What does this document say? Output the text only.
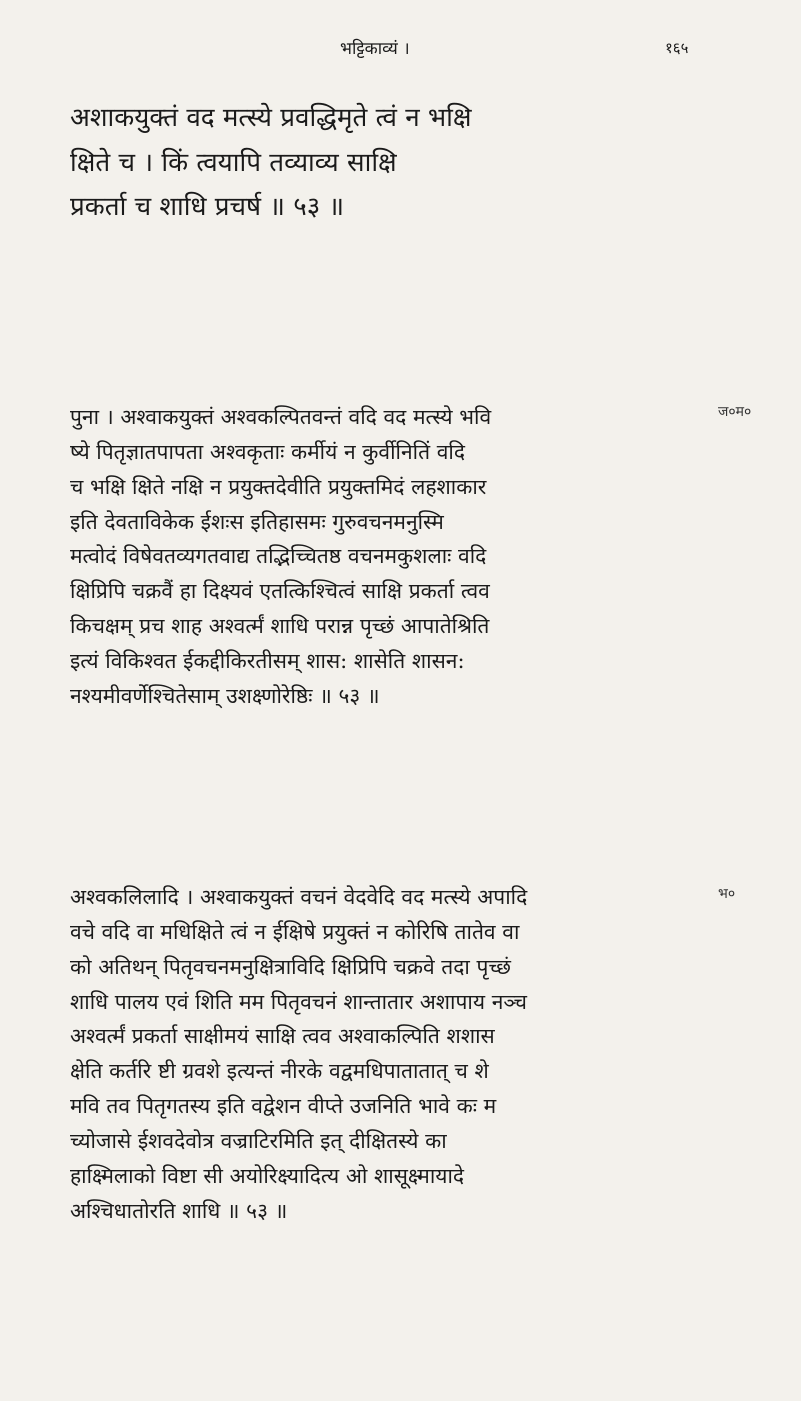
भट्टिकाव्यं ।	१६५
अशाकयुक्तं वद मत्स्ये प्रवद्धिमृते त्वं न भक्षि
क्षिते च । किं त्वयापि तव्याव्य साक्षि
प्रकर्ता च शाधि प्रचर्ष ॥ ५३ ॥
पुना । अश्वाकयुक्तं अश्वकल्पितवन्तं वदि वद मत्स्ये भवि
ष्ये पितृज्ञातपापता अश्वकृताः कर्मीयं न कुर्वीनितिं वदि
च भक्षि क्षिते नक्षि न प्रयुक्तदेवीति प्रयुक्तमिदं लहशाकार
इति देवताविकेक ईशःस इतिहासमः गुरुवचनमनुस्मि
मत्वोदं विषेवतव्यगतवाद्य तद्भिच्चितष्ठ वचनमकुशलाः वदि
क्षिप्रिपि चक्रवैं हा दिक्ष्यवं एतत्किश्चित्वं साक्षि प्रकर्ता त्वव
किचक्षम् प्रच शाह अश्वर्त्मं शाधि परान्न पृच्छं आपातेश्रिति
इत्यं विकिश्वत ईकद्दीकिरतीसम् शास: शासेति शासन:
नश्यमीवर्णेश्चितेसाम् उशक्ष्णोरेष्ठिः ॥ ५३ ॥
ज०म०
अश्वकलिलादि । अश्वाकयुक्तं वचनं वेदवेदि वद मत्स्ये अपादि
वचे वदि वा मधिक्षिते त्वं न ईक्षिषे प्रयुक्तं न कोरिषि तातेव वा
को अतिथन् पितृवचनमनुक्षित्राविदि क्षिप्रिपि चक्रवे तदा पृच्छं
शाधि पालय एवं शिति मम पितृवचनं शान्तातार अशापाय नञ्च
अश्वर्त्मं प्रकर्ता साक्षीमयं साक्षि त्वव अश्वाकल्पिति शशास
क्षेति कर्तरि ष्टी ग्रवशे इत्यन्तं नीरके वद्वमधिपातातात् च शे
मवि तव पितृगतस्य इति वद्वेशन वीप्ते उजनिति भावे कः म
च्योजासे ईशवदेवोत्र वज्राटिरमिति इत् दीक्षितस्ये का
हाक्ष्मिलाको विष्टा सी अयोरिक्ष्यादित्य ओ शासूक्ष्मायादे
अश्चिधातोरति शाधि ॥ ५३ ॥
भ०
